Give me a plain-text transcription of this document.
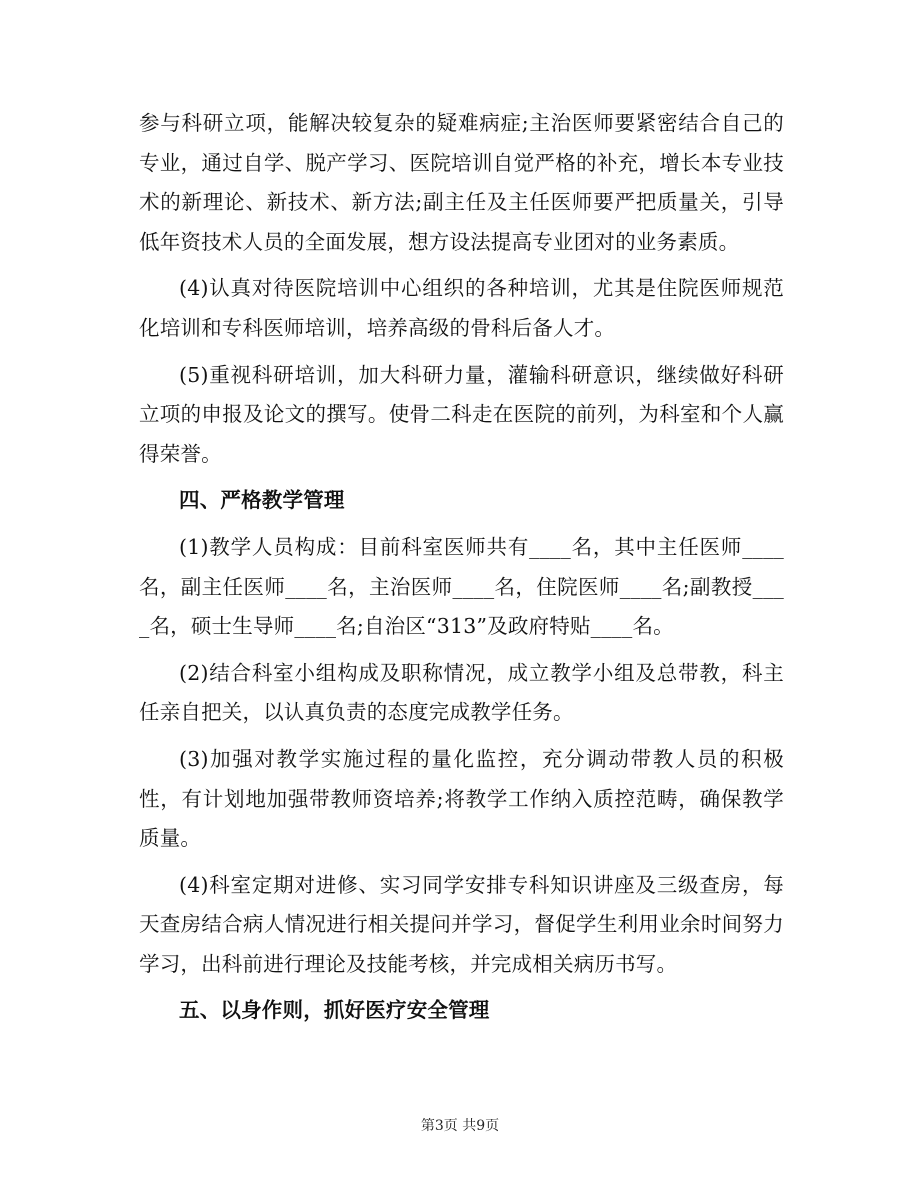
参与科研立项，能解决较复杂的疑难病症;主治医师要紧密结合自己的专业，通过自学、脱产学习、医院培训自觉严格的补充，增长本专业技术的新理论、新技术、新方法;副主任及主任医师要严把质量关，引导低年资技术人员的全面发展，想方设法提高专业团对的业务素质。

(4)认真对待医院培训中心组织的各种培训，尤其是住院医师规范化培训和专科医师培训，培养高级的骨科后备人才。

(5)重视科研培训，加大科研力量，灌输科研意识，继续做好科研立项的申报及论文的撰写。使骨二科走在医院的前列，为科室和个人赢得荣誉。

四、严格教学管理

(1)教学人员构成：目前科室医师共有____名，其中主任医师____名，副主任医师____名，主治医师____名，住院医师____名;副教授____名，硕士生导师____名;自治区“313”及政府特贴____名。

(2)结合科室小组构成及职称情况，成立教学小组及总带教，科主任亲自把关，以认真负责的态度完成教学任务。

(3)加强对教学实施过程的量化监控，充分调动带教人员的积极性，有计划地加强带教师资培养;将教学工作纳入质控范畴，确保教学质量。

(4)科室定期对进修、实习同学安排专科知识讲座及三级查房，每天查房结合病人情况进行相关提问并学习，督促学生利用业余时间努力学习，出科前进行理论及技能考核，并完成相关病历书写。

五、以身作则，抓好医疗安全管理

第3页 共9页
